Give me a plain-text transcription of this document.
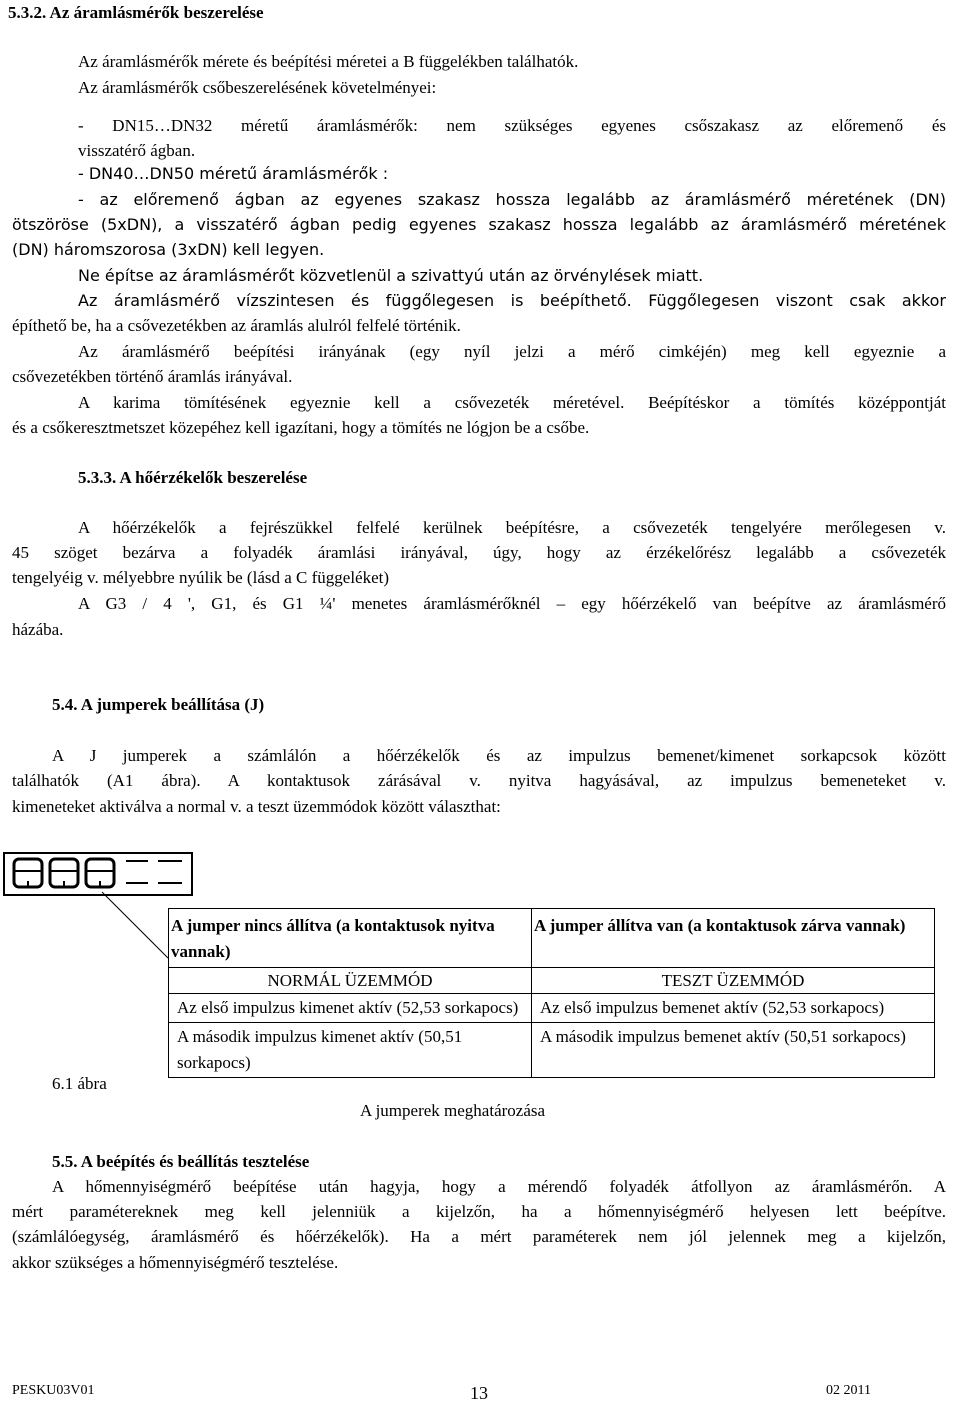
5.3.2. Az áramlásmérők beszerelése
Az áramlásmérők mérete és beépítési méretei a B függelékben találhatók.
Az áramlásmérők csőbeszerelésének követelményei:
- DN15…DN32 méretű áramlásmérők: nem szükséges egyenes csőszakasz az előremenő és
visszatérő ágban.
- DN40…DN50 méretű áramlásmérők :
- az előremenő ágban az egyenes szakasz hossza legalább az áramlásmérő méretének (DN)
ötszöröse (5xDN), a visszatérő ágban pedig egyenes szakasz hossza legalább az áramlásmérő méretének
(DN) háromszorosa (3xDN) kell legyen.
Ne építse az áramlásmérőt közvetlenül a szivattyú után az örvénylések miatt.
Az áramlásmérő vízszintesen és függőlegesen is beépíthető. Függőlegesen viszont csak akkor
építhető be, ha a csővezetékben az áramlás alulról felfelé történik.
Az áramlásmérő beépítési irányának (egy nyíl jelzi a mérő cimkéjén) meg kell egyeznie a
csővezetékben történő áramlás irányával.
A karima tömítésének egyeznie kell a csővezeték méretével. Beépítéskor a tömítés középpontját
és a csőkeresztmetszet közepéhez kell igazítani, hogy a tömítés ne lógjon be a csőbe.
5.3.3. A hőérzékelők beszerelése
A hőérzékelők a fejrészükkel felfelé kerülnek beépítésre, a csővezeték tengelyére merőlegesen v.
45 szöget bezárva a folyadék áramlási irányával, úgy, hogy az érzékelőrész legalább a csővezeték
tengelyéig v. mélyebbre nyúlik be (lásd a C függeléket)
A G3 / 4 ', G1, és G1 ¼' menetes áramlásmérőknél – egy hőérzékelő van beépítve az áramlásmérő
házába.
5.4. A jumperek beállítása (J)
A J jumperek a számlálón a hőérzékelők és az impulzus bemenet/kimenet sorkapcsok között
találhatók (A1 ábra). A kontaktusok zárásával v. nyitva hagyásával, az impulzus bemeneteket v.
kimeneteket aktiválva a normal v. a teszt üzemmódok között választhat:
6.1 ábra
A jumper nincs állítva (a kontaktusok nyitva vannak)	A jumper állítva van (a kontaktusok zárva vannak)
NORMÁL ÜZEMMÓD	TESZT ÜZEMMÓD
Az első impulzus kimenet aktív (52,53 sorkapocs)	Az első impulzus bemenet aktív (52,53 sorkapocs)
A második impulzus kimenet aktív (50,51 sorkapocs)	A második impulzus bemenet aktív (50,51 sorkapocs)
A jumperek meghatározása
5.5. A beépítés és beállítás tesztelése
A hőmennyiségmérő beépítése után hagyja, hogy a mérendő folyadék átfollyon az áramlásmérőn. A
mért paramétereknek meg kell jelenniük a kijelzőn, ha a hőmennyiségmérő helyesen lett beépítve.
(számlálóegység, áramlásmérő és hőérzékelők). Ha a mért paraméterek nem jól jelennek meg a kijelzőn,
akkor szükséges a hőmennyiségmérő tesztelése.
PESKU03V01	13	02 2011
